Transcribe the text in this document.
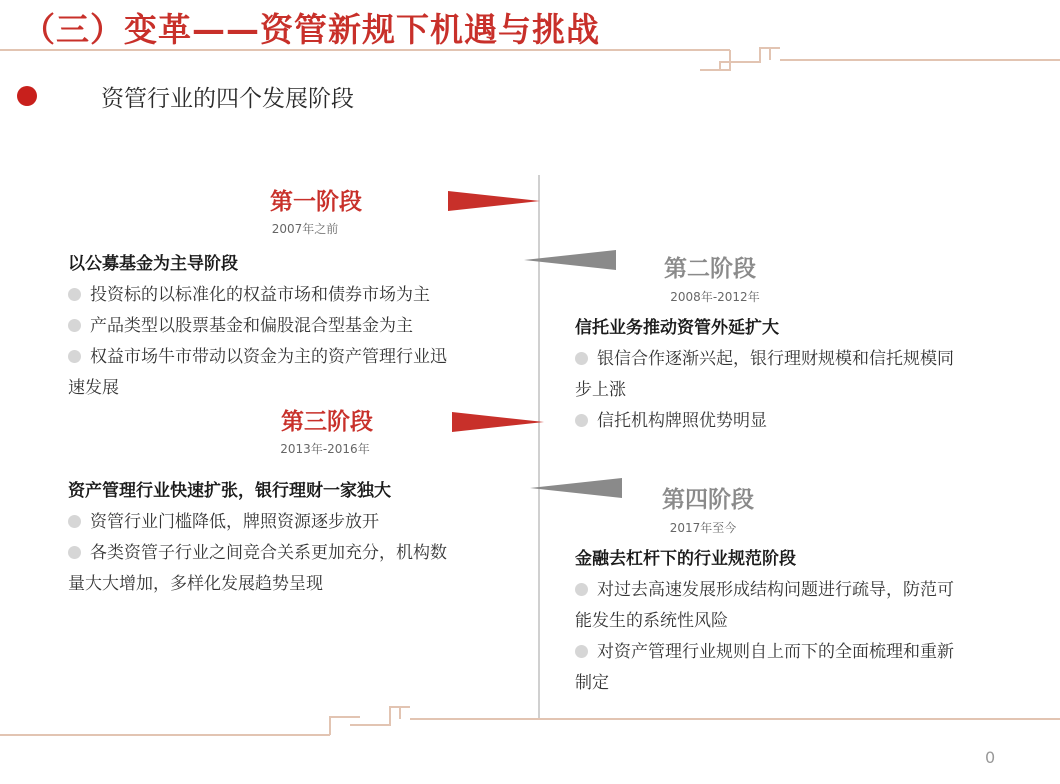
（三）变革——资管新规下机遇与挑战
资管行业的四个发展阶段
第一阶段
2007年之前
以公募基金为主导阶段
投资标的以标准化的权益市场和债券市场为主
产品类型以股票基金和偏股混合型基金为主
权益市场牛市带动以资金为主的资产管理行业迅
速发展
第二阶段
2008年-2012年
信托业务推动资管外延扩大
银信合作逐渐兴起，银行理财规模和信托规模同
步上涨
信托机构牌照优势明显
第三阶段
2013年-2016年
资产管理行业快速扩张，银行理财一家独大
资管行业门槛降低，牌照资源逐步放开
各类资管子行业之间竞合关系更加充分，机构数
量大大增加，多样化发展趋势呈现
第四阶段
2017年至今
金融去杠杆下的行业规范阶段
对过去高速发展形成结构问题进行疏导，防范可
能发生的系统性风险
对资产管理行业规则自上而下的全面梳理和重新
制定
0
